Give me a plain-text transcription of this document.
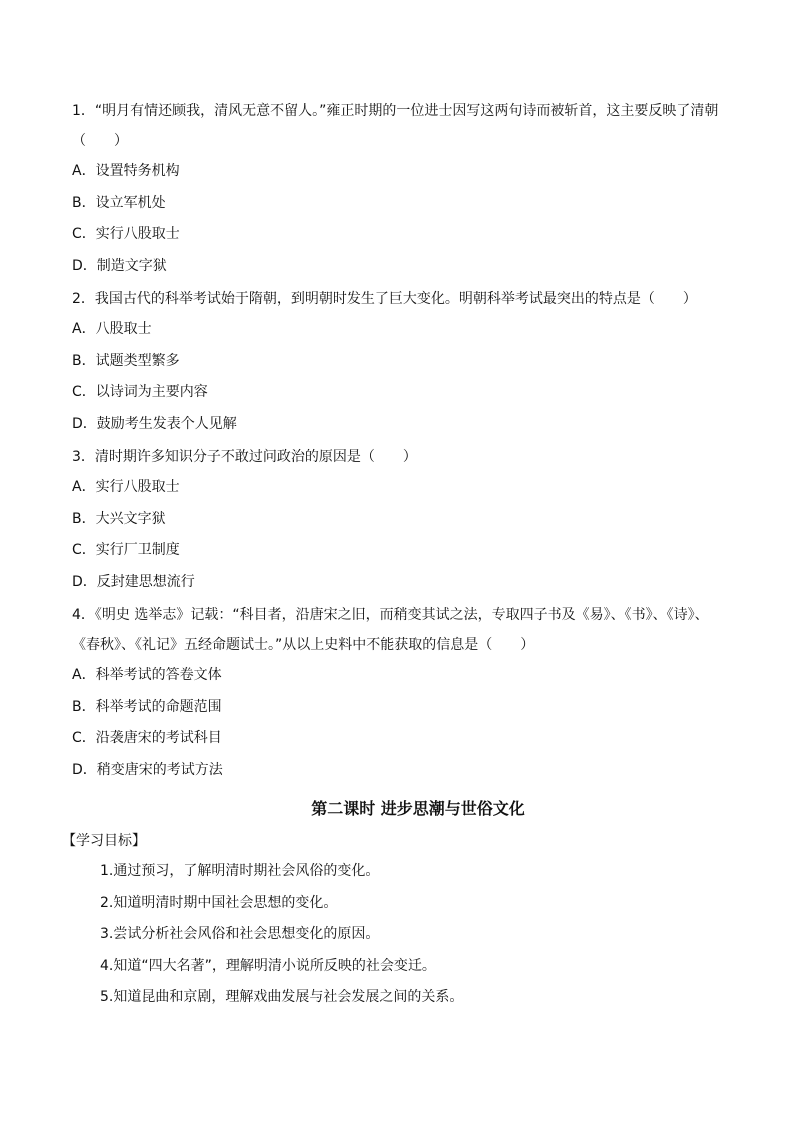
1．“明月有情还顾我，清风无意不留人。”雍正时期的一位进士因写这两句诗而被斩首，这主要反映了清朝（　　）
A．设置特务机构
B．设立军机处
C．实行八股取士
D．制造文字狱
2．我国古代的科举考试始于隋朝，到明朝时发生了巨大变化。明朝科举考试最突出的特点是（　　）
A．八股取士
B．试题类型繁多
C．以诗词为主要内容
D．鼓励考生发表个人见解
3．清时期许多知识分子不敢过问政治的原因是（　　）
A．实行八股取士
B．大兴文字狱
C．实行厂卫制度
D．反封建思想流行
4．《明史 选举志》记载：“科目者，沿唐宋之旧，而稍变其试之法，专取四子书及《易》、《书》、《诗》、《春秋》、《礼记》五经命题试士。”从以上史料中不能获取的信息是（　　）
A．科举考试的答卷文体
B．科举考试的命题范围
C．沿袭唐宋的考试科目
D．稍变唐宋的考试方法
第二课时 进步思潮与世俗文化
【学习目标】
1.通过预习，了解明清时期社会风俗的变化。
2.知道明清时期中国社会思想的变化。
3.尝试分析社会风俗和社会思想变化的原因。
4.知道“四大名著”，理解明清小说所反映的社会变迁。
5.知道昆曲和京剧，理解戏曲发展与社会发展之间的关系。
